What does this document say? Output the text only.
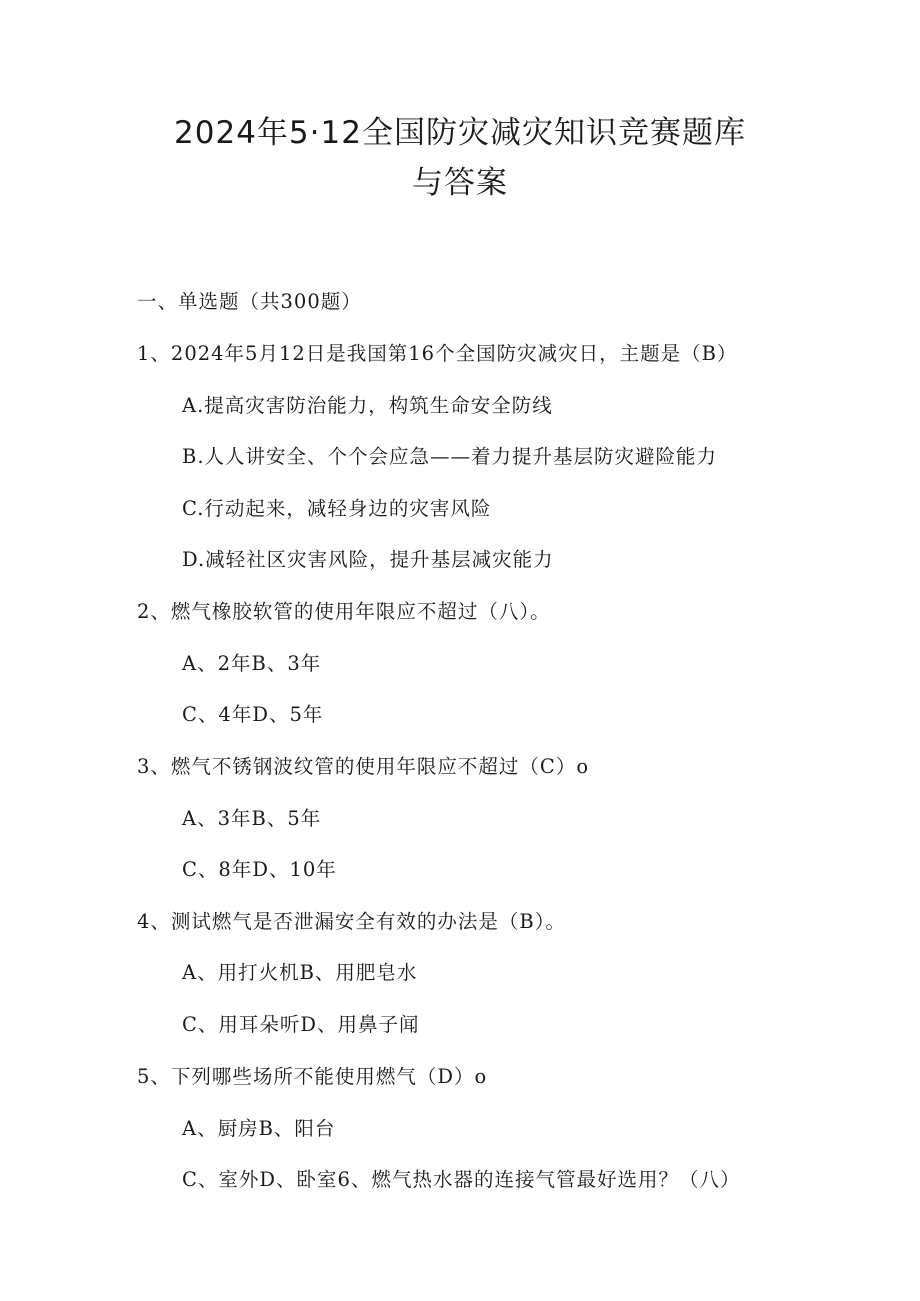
2024年5·12全国防灾减灾知识竞赛题库
与答案
一、单选题（共300题）
1、2024年5月12日是我国第16个全国防灾减灾日，主题是（B）
A.提高灾害防治能力，构筑生命安全防线
B.人人讲安全、个个会应急——着力提升基层防灾避险能力
C.行动起来，减轻身边的灾害风险
D.减轻社区灾害风险，提升基层减灾能力
2、燃气橡胶软管的使用年限应不超过（八）。
A、2年B、3年
C、4年D、5年
3、燃气不锈钢波纹管的使用年限应不超过（C）o
A、3年B、5年
C、8年D、10年
4、测试燃气是否泄漏安全有效的办法是（B）。
A、用打火机B、用肥皂水
C、用耳朵听D、用鼻子闻
5、下列哪些场所不能使用燃气（D）o
A、厨房B、阳台
C、室外D、卧室6、燃气热水器的连接气管最好选用？（八）
